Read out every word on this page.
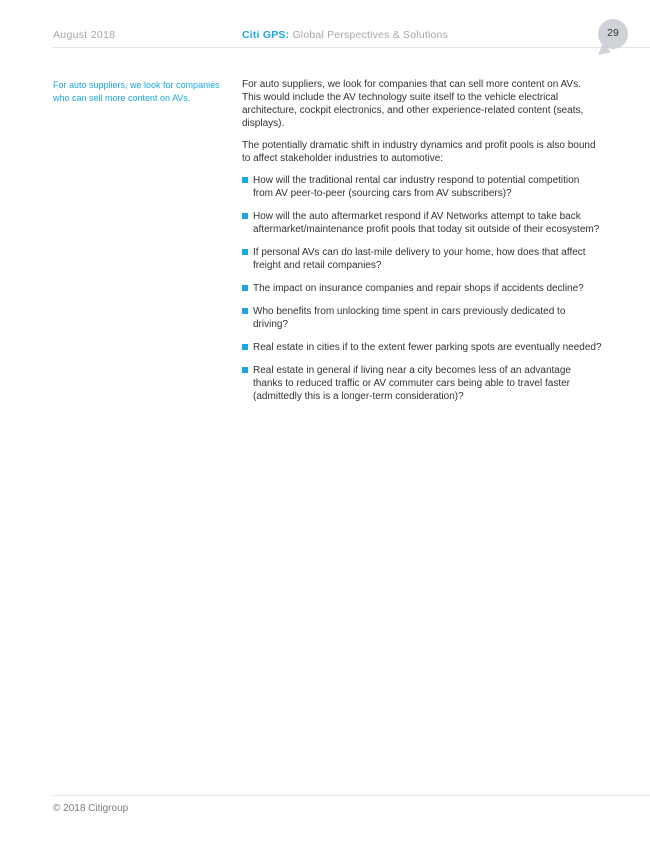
August 2018	Citi GPS: Global Perspectives & Solutions	29
For auto suppliers, we look for companies who can sell more content on AVs.

For auto suppliers, we look for companies that can sell more content on AVs. This would include the AV technology suite itself to the vehicle electrical architecture, cockpit electronics, and other experience-related content (seats, displays).

The potentially dramatic shift in industry dynamics and profit pools is also bound to affect stakeholder industries to automotive:

How will the traditional rental car industry respond to potential competition from AV peer-to-peer (sourcing cars from AV subscribers)?
How will the auto aftermarket respond if AV Networks attempt to take back aftermarket/maintenance profit pools that today sit outside of their ecosystem?
If personal AVs can do last-mile delivery to your home, how does that affect freight and retail companies?
The impact on insurance companies and repair shops if accidents decline?
Who benefits from unlocking time spent in cars previously dedicated to driving?
Real estate in cities if to the extent fewer parking spots are eventually needed?
Real estate in general if living near a city becomes less of an advantage thanks to reduced traffic or AV commuter cars being able to travel faster (admittedly this is a longer-term consideration)?
© 2018 Citigroup
